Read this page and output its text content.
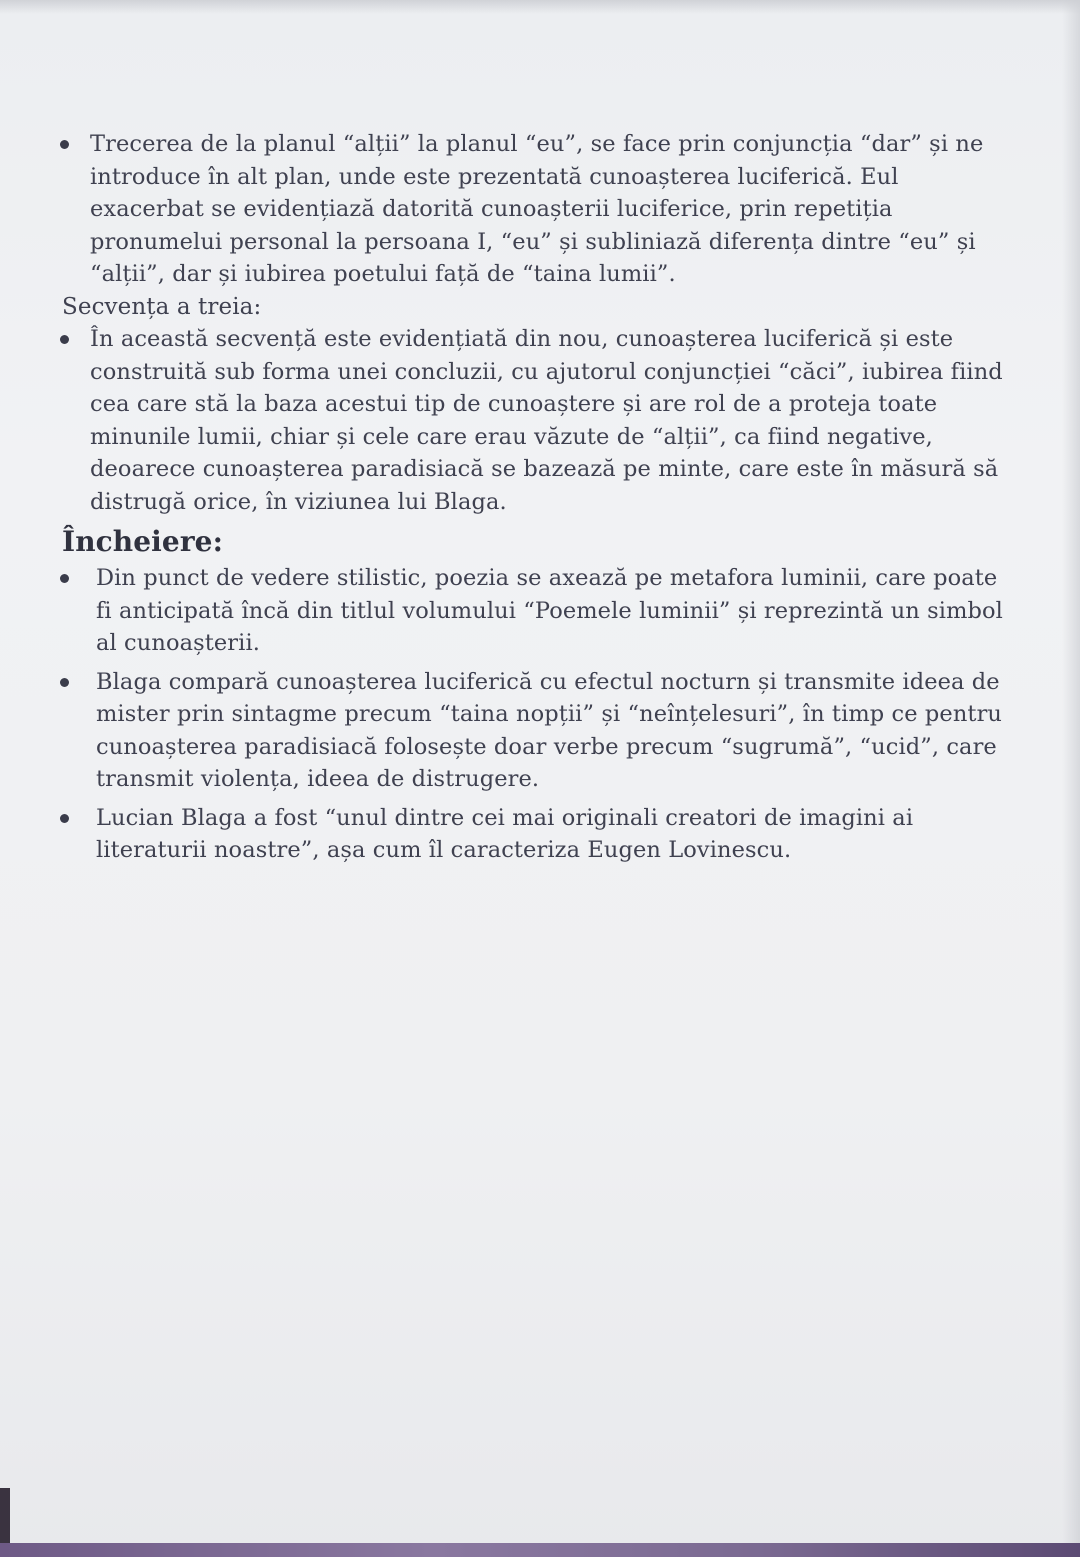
Trecerea de la planul “alții” la planul “eu”, se face prin conjuncția “dar” și ne introduce în alt plan, unde este prezentată cunoașterea luciferică. Eul exacerbat se evidențiază datorită cunoașterii luciferice, prin repetiția pronumelui personal la persoana I, “eu” și subliniază diferența dintre “eu” și “alții”, dar și iubirea poetului față de “taina lumii”.

Secvența a treia:

În această secvență este evidențiată din nou, cunoașterea luciferică și este construită sub forma unei concluzii, cu ajutorul conjuncției “căci”, iubirea fiind cea care stă la baza acestui tip de cunoaștere și are rol de a proteja toate minunile lumii, chiar și cele care erau văzute de “alții”, ca fiind negative, deoarece cunoașterea paradisiacă se bazează pe minte, care este în măsură să distrugă orice, în viziunea lui Blaga.

Încheiere:

Din punct de vedere stilistic, poezia se axează pe metafora luminii, care poate fi anticipată încă din titlul volumului “Poemele luminii” și reprezintă un simbol al cunoașterii.

Blaga compară cunoașterea luciferică cu efectul nocturn și transmite ideea de mister prin sintagme precum “taina nopții” și “neînțelesuri”, în timp ce pentru cunoașterea paradisiacă folosește doar verbe precum “sugrumă”, “ucid”, care transmit violența, ideea de distrugere.

Lucian Blaga a fost “unul dintre cei mai originali creatori de imagini ai literaturii noastre”, așa cum îl caracteriza Eugen Lovinescu.
